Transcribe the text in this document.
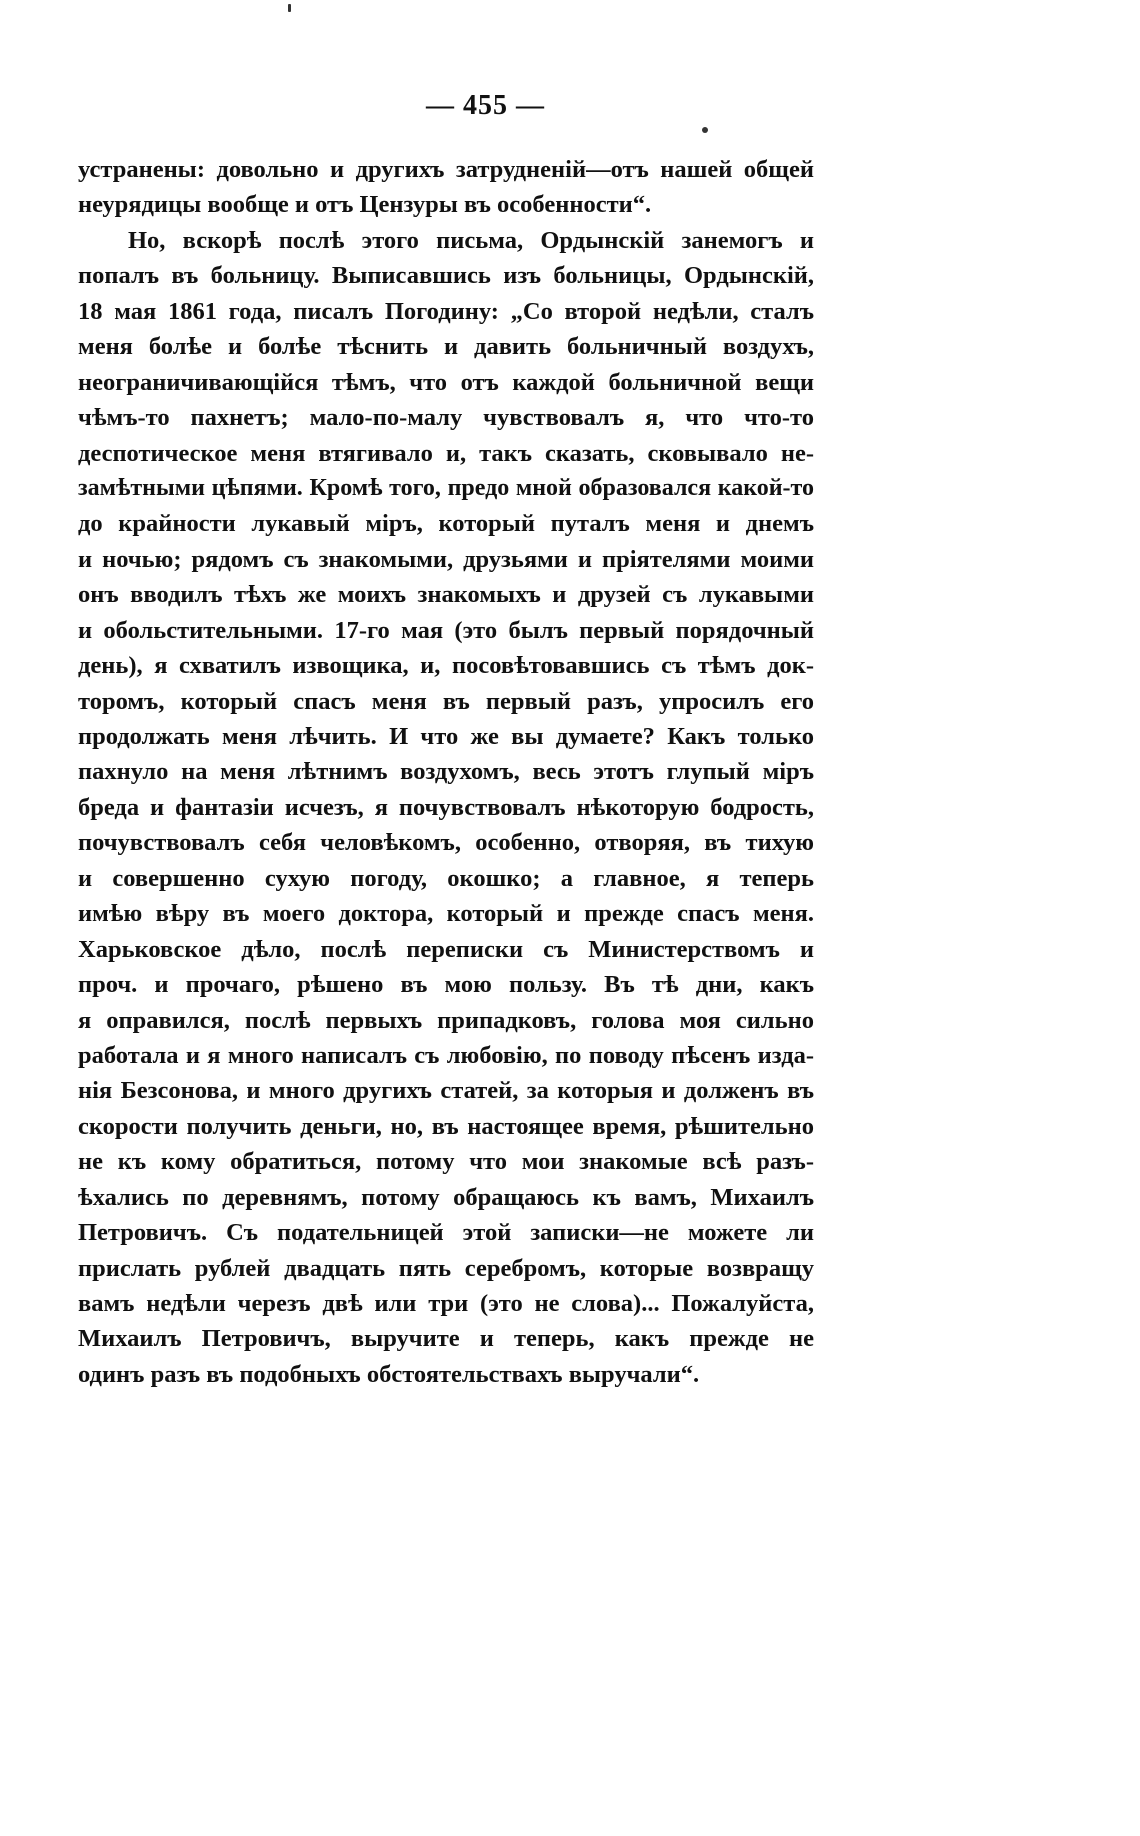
— 455 —
устранены: довольно и другихъ затрудненій—отъ нашей общей
неурядицы вообще и отъ Цензуры въ особенности“.
Но, вскорѣ послѣ этого письма, Ордынскій занемогъ и
попалъ въ больницу. Выписавшись изъ больницы, Ордынскій,
18 мая 1861 года, писалъ Погодину: „Со второй недѣли, сталъ
меня болѣе и болѣе тѣснить и давить больничный воздухъ,
неограничивающійся тѣмъ, что отъ каждой больничной вещи
чѣмъ-то пахнетъ; мало-по-малу чувствовалъ я, что что-то
деспотическое меня втягивало и, такъ сказать, сковывало не-
замѣтными цѣпями. Кромѣ того, предо мной образовался какой-то
до крайности лукавый міръ, который путалъ меня и днемъ
и ночью; рядомъ съ знакомыми, друзьями и пріятелями моими
онъ вводилъ тѣхъ же моихъ знакомыхъ и друзей съ лукавыми
и обольстительными. 17-го мая (это былъ первый порядочный
день), я схватилъ извощика, и, посовѣтовавшись съ тѣмъ док-
торомъ, который спасъ меня въ первый разъ, упросилъ его
продолжать меня лѣчить. И что же вы думаете? Какъ только
пахнуло на меня лѣтнимъ воздухомъ, весь этотъ глупый міръ
бреда и фантазіи исчезъ, я почувствовалъ нѣкоторую бодрость,
почувствовалъ себя человѣкомъ, особенно, отворяя, въ тихую
и совершенно сухую погоду, окошко; а главное, я теперь
имѣю вѣру въ моего доктора, который и прежде спасъ меня.
Харьковское дѣло, послѣ переписки съ Министерствомъ и
проч. и прочаго, рѣшено въ мою пользу. Въ тѣ дни, какъ
я оправился, послѣ первыхъ припадковъ, голова моя сильно
работала и я много написалъ съ любовію, по поводу пѣсенъ изда-
нія Безсонова, и много другихъ статей, за которыя и долженъ въ
скорости получить деньги, но, въ настоящее время, рѣшительно
не къ кому обратиться, потому что мои знакомые всѣ разъ-
ѣхались по деревнямъ, потому обращаюсь къ вамъ, Михаилъ
Петровичъ. Съ подательницей этой записки—не можете ли
прислать рублей двадцать пять серебромъ, которые возвращу
вамъ недѣли черезъ двѣ или три (это не слова)... Пожалуйста,
Михаилъ Петровичъ, выручите и теперь, какъ прежде не
одинъ разъ въ подобныхъ обстоятельствахъ выручали“.
